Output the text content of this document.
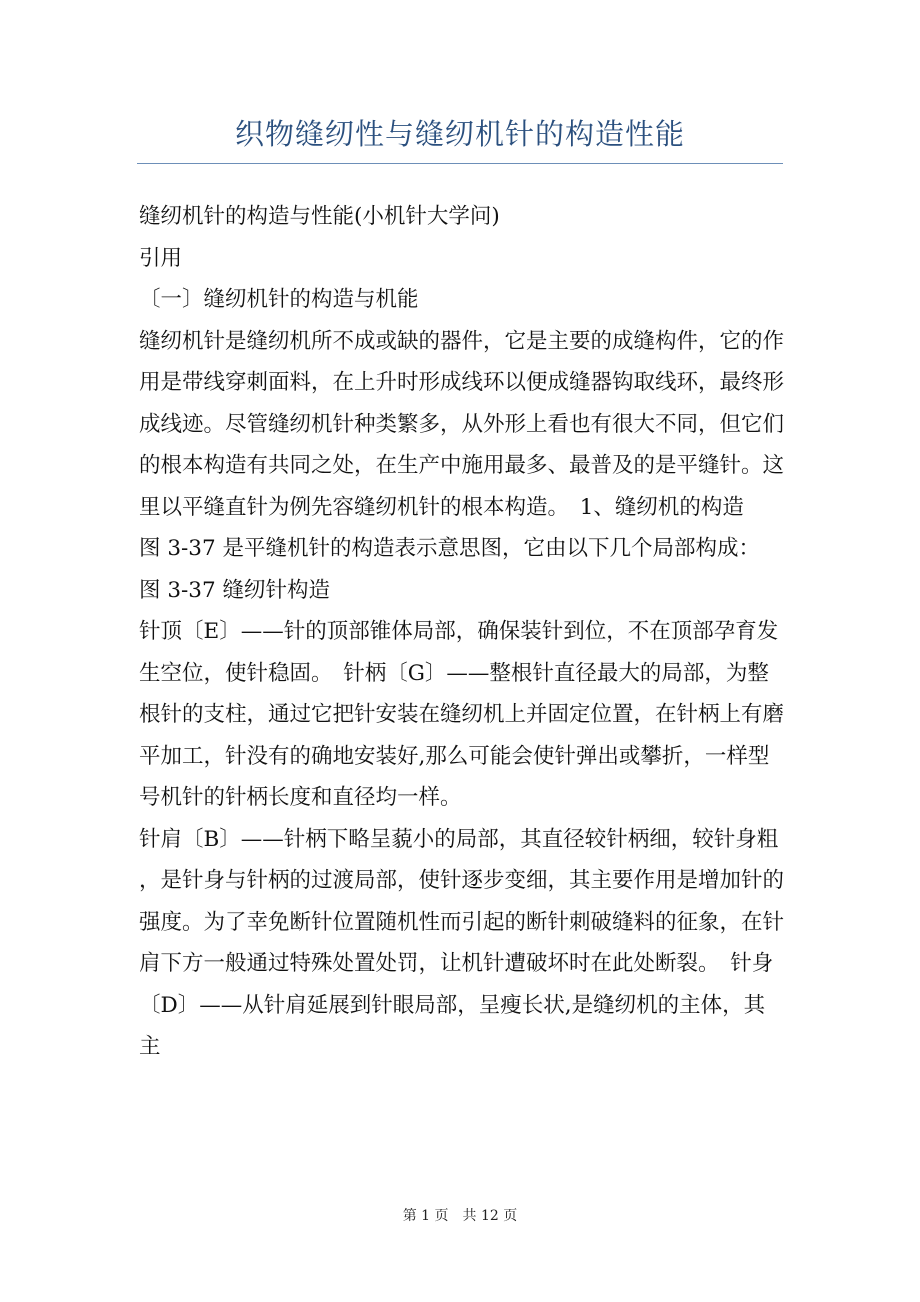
织物缝纫性与缝纫机针的构造性能

缝纫机针的构造与性能(小机针大学问)

引用

〔一〕缝纫机针的构造与机能

缝纫机针是缝纫机所不成或缺的器件，它是主要的成缝构件，它的作用是带线穿刺面料，在上升时形成线环以便成缝器钩取线环，最终形成线迹。尽管缝纫机针种类繁多，从外形上看也有很大不同，但它们的根本构造有共同之处，在生产中施用最多、最普及的是平缝针。这里以平缝直针为例先容缝纫机针的根本构造。　1、缝纫机的构造　图 3-37 是平缝机针的构造表示意思图，它由以下几个局部构成：

图 3-37 缝纫针构造

针顶〔E〕——针的顶部锥体局部，确保装针到位，不在顶部孕育发生空位，使针稳固。　针柄〔G〕——整根针直径最大的局部，为整根针的支柱，通过它把针安装在缝纫机上并固定位置，在针柄上有磨平加工，针没有的确地安装好,那么可能会使针弹出或攀折，一样型号机针的针柄长度和直径均一样。

针肩〔B〕——针柄下略呈藐小的局部，其直径较针柄细，较针身粗，是针身与针柄的过渡局部，使针逐步变细，其主要作用是增加针的强度。为了幸免断针位置随机性而引起的断针刺破缝料的征象，在针肩下方一般通过特殊处置处罚，让机针遭破坏时在此处断裂。　针身〔D〕——从针肩延展到针眼局部，呈瘦长状,是缝纫机的主体，其主

第 1 页　共 12 页
